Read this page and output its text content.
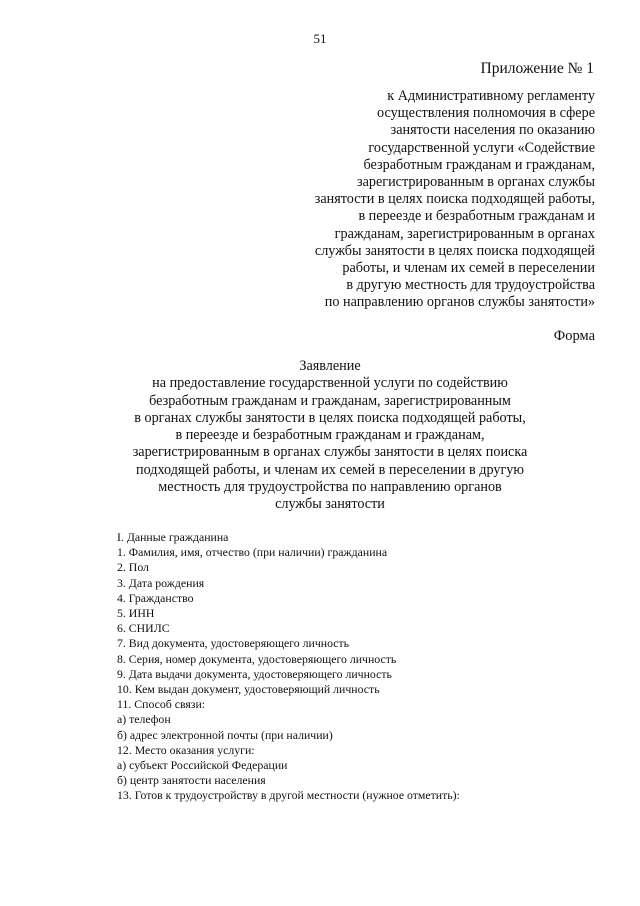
51
Приложение № 1
к Административному регламенту
осуществления полномочия в сфере
занятости населения по оказанию
государственной услуги «Содействие
безработным гражданам и гражданам,
зарегистрированным в органах службы
занятости в целях поиска подходящей работы,
в переезде и безработным гражданам и
гражданам, зарегистрированным в органах
службы занятости в целях поиска подходящей
работы, и членам их семей в переселении
в другую местность для трудоустройства
по направлению органов службы занятости»
Форма
Заявление
на предоставление государственной услуги по содействию
безработным гражданам и гражданам, зарегистрированным
в органах службы занятости в целях поиска подходящей работы,
в переезде и безработным гражданам и гражданам,
зарегистрированным в органах службы занятости в целях поиска
подходящей работы, и членам их семей в переселении в другую
местность для трудоустройства по направлению органов
службы занятости
I. Данные гражданина
1. Фамилия, имя, отчество (при наличии) гражданина
2. Пол
3. Дата рождения
4. Гражданство
5. ИНН
6. СНИЛС
7. Вид документа, удостоверяющего личность
8. Серия, номер документа, удостоверяющего личность
9. Дата выдачи документа, удостоверяющего личность
10. Кем выдан документ, удостоверяющий личность
11. Способ связи:
а) телефон
б) адрес электронной почты (при наличии)
12. Место оказания услуги:
а) субъект Российской Федерации
б) центр занятости населения
13. Готов к трудоустройству в другой местности (нужное отметить):
